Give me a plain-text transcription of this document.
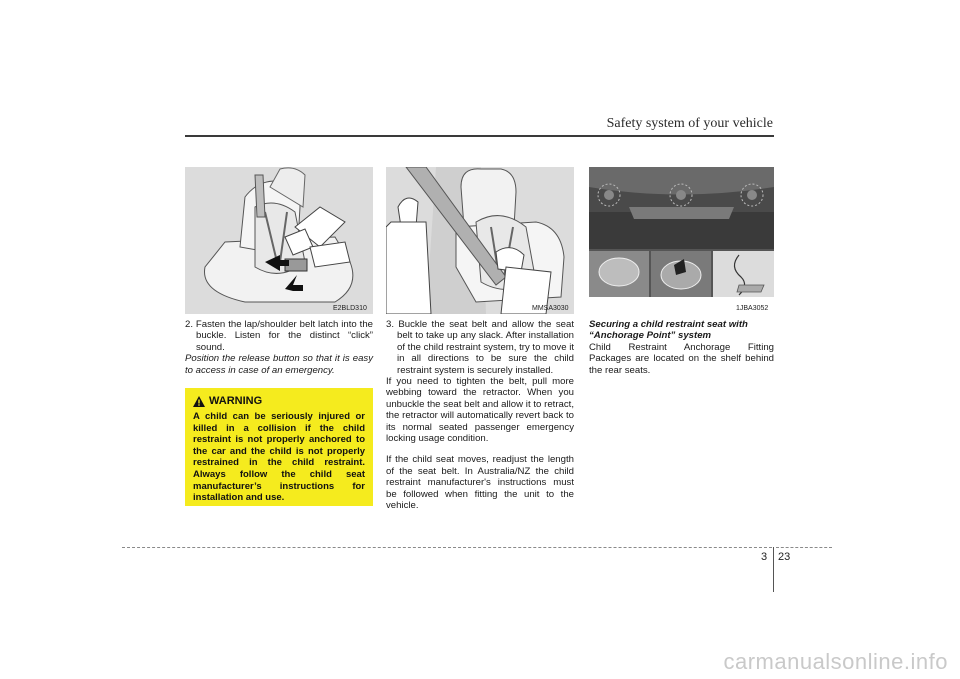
Safety system of your vehicle
E2BLD310	MMSA3030	1JBA3052

2. Fasten the lap/shoulder belt latch into the buckle. Listen for the distinct “click” sound.

Position the release button so that it is easy to access in case of an emergency.

WARNING
A child can be seriously injured or killed in a collision if the child restraint is not properly anchored to the car and the child is not properly restrained in the child restraint. Always follow the child seat manufacturer’s instructions for installation and use.

3. Buckle the seat belt and allow the seat belt to take up any slack. After installation of the child restraint system, try to move it in all directions to be sure the child restraint system is securely installed.

If you need to tighten the belt, pull more webbing toward the retractor. When you unbuckle the seat belt and allow it to retract, the retractor will automatically revert back to its normal seated passenger emergency locking usage condition.

If the child seat moves, readjust the length of the seat belt. In Australia/NZ the child restraint manufacturer's instructions must be followed when fitting the unit to the vehicle.

Securing a child restraint seat with “Anchorage Point” system

Child Restraint Anchorage Fitting Packages are located on the shelf behind the rear seats.

3 23
carmanualsonline.info
